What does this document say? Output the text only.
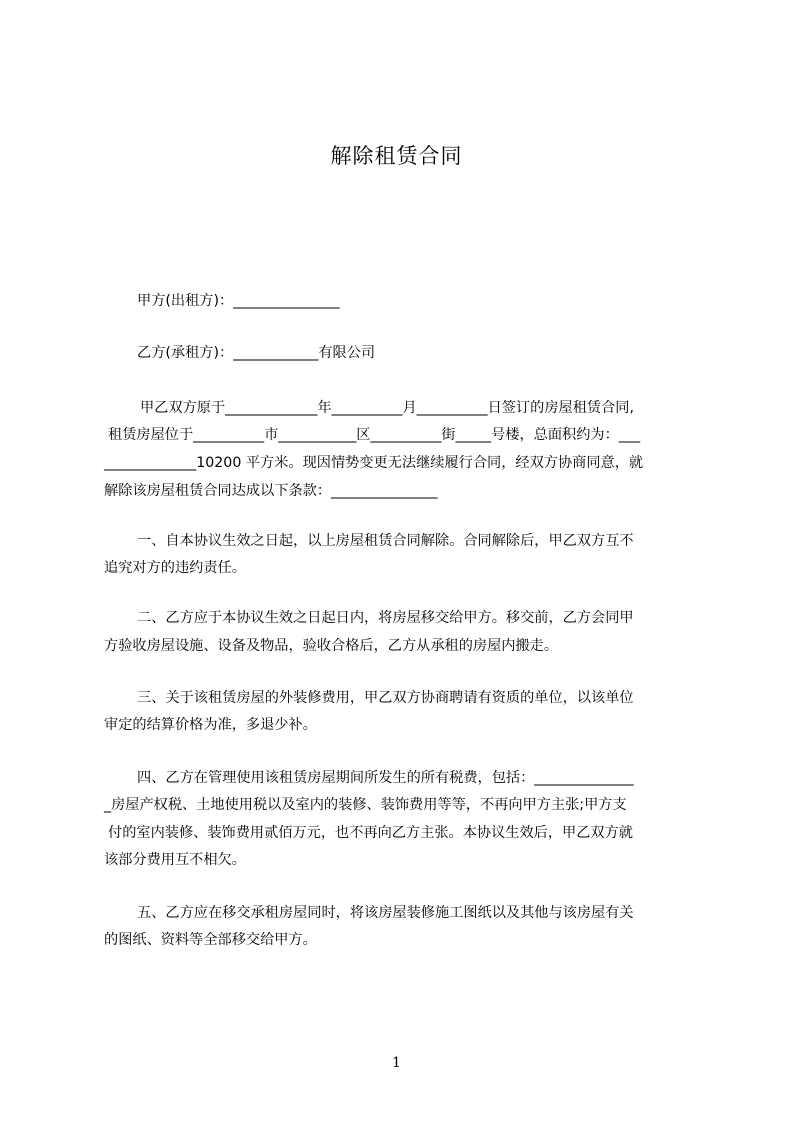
解除租赁合同
甲方(出租方)：_______________
乙方(承租方)：____________有限公司
甲乙双方原于_____________年__________月__________日签订的房屋租赁合同,
租赁房屋位于__________市___________区__________街_____号楼，总面积约为：___
_____________10200 平方米。现因情势变更无法继续履行合同，经双方协商同意，就
解除该房屋租赁合同达成以下条款：_______________
一、自本协议生效之日起，以上房屋租赁合同解除。合同解除后，甲乙双方互不
追究对方的违约责任。
二、乙方应于本协议生效之日起日内，将房屋移交给甲方。移交前，乙方会同甲
方验收房屋设施、设备及物品，验收合格后，乙方从承租的房屋内搬走。
三、关于该租赁房屋的外装修费用，甲乙双方协商聘请有资质的单位，以该单位
审定的结算价格为准，多退少补。
四、乙方在管理使用该租赁房屋期间所发生的所有税费，包括：______________
_房屋产权税、土地使用税以及室内的装修、装饰费用等等，不再向甲方主张;甲方支
付的室内装修、装饰费用贰佰万元，也不再向乙方主张。本协议生效后，甲乙双方就
该部分费用互不相欠。
五、乙方应在移交承租房屋同时，将该房屋装修施工图纸以及其他与该房屋有关
的图纸、资料等全部移交给甲方。
1
